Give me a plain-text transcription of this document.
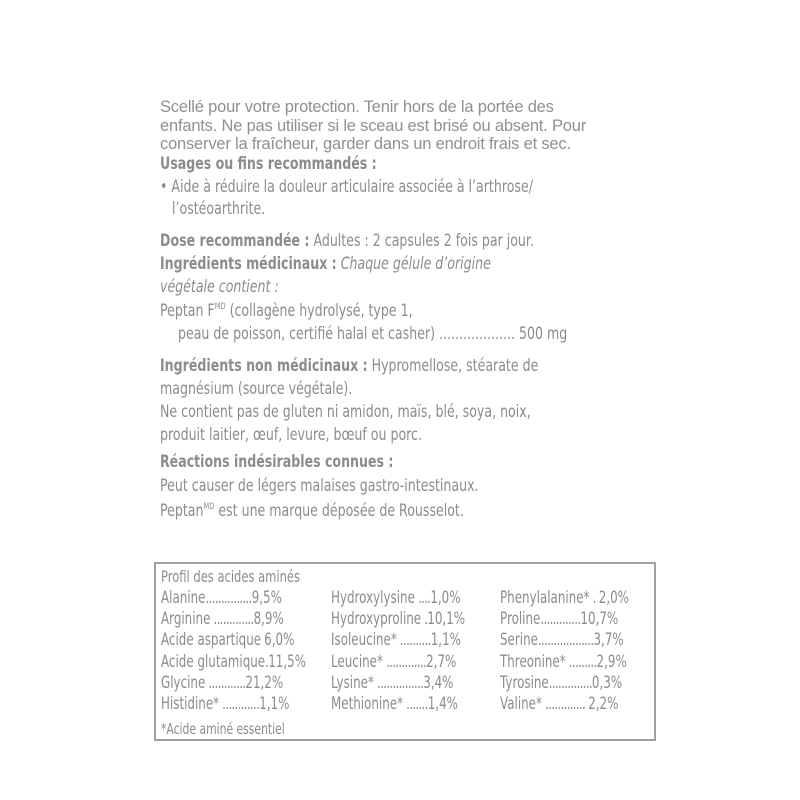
Scellé pour votre protection. Tenir hors de la portée des
enfants. Ne pas utiliser si le sceau est brisé ou absent. Pour
conserver la fraîcheur, garder dans un endroit frais et sec.
Usages ou fins recommandés :
• Aide à réduire la douleur articulaire associée à l’arthrose/
l’ostéoarthrite.
Dose recommandée : Adultes : 2 capsules 2 fois par jour.
Ingrédients médicinaux : Chaque gélule d’origine
végétale contient :
Peptan $F^{MD}$ (collagène hydrolysé, type 1,
peau de poisson, certifié halal et casher) ................... 500 mg
Ingrédients non médicinaux : Hypromellose, stéarate de
magnésium (source végétale).
Ne contient pas de gluten ni amidon, maïs, blé, soya, noix,
produit laitier, œuf, levure, bœuf ou porc.
Réactions indésirables connues :
Peut causer de légers malaises gastro-intestinaux.
Peptan$^{MD}$ est une marque déposée de Rousselot.
Profil des acides aminés
Alanine...............9,5%
Arginine .............8,9%
Acide aspartique 6,0%
Acide glutamique.11,5%
Glycine ............21,2%
Histidine* ............1,1%
Hydroxylysine ....1,0%
Hydroxyproline .10,1%
Isoleucine* ..........1,1%
Leucine* .............2,7%
Lysine* ...............3,4%
Methionine* .......1,4%
Phenylalanine* . 2,0%
Proline.............10,7%
Serine..................3,7%
Threonine* .........2,9%
Tyrosine..............0,3%
Valine* ............. 2,2%
*Acide aminé essentiel
